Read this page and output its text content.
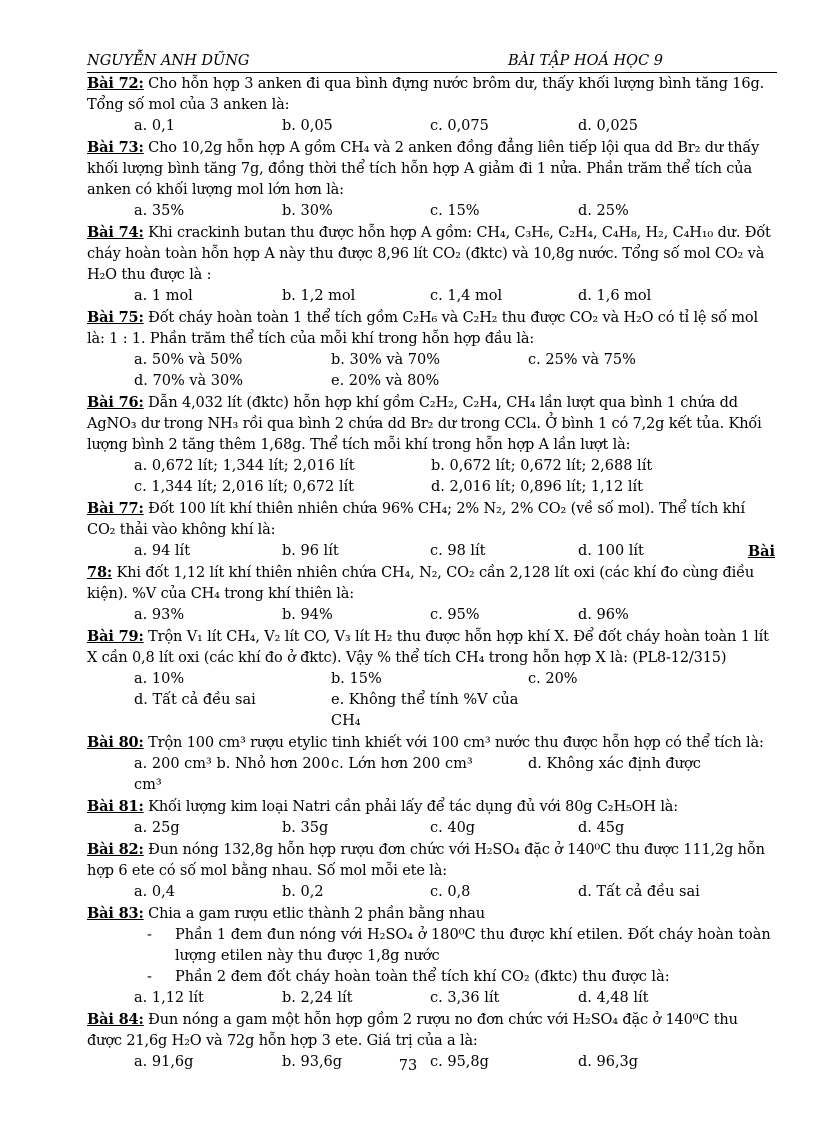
NGUYỄN ANH DŨNG	BÀI TẬP HOÁ HỌC 9
Bài 72: Cho hỗn hợp 3 anken đi qua bình đựng nước brôm dư, thấy khối lượng bình tăng 16g. Tổng số mol của 3 anken là:
a. 0,1	b. 0,05	c. 0,075	d. 0,025
Bài 73: Cho 10,2g hỗn hợp A gồm CH₄ và 2 anken đồng đẳng liên tiếp lội qua dd Br₂ dư thấy khối lượng bình tăng 7g, đồng thời thể tích hỗn hợp A giảm đi 1 nửa. Phần trăm thể tích của anken có khối lượng mol lớn hơn là:
a. 35%	b. 30%	c. 15%	d. 25%
Bài 74: Khi crackinh butan thu được hỗn hợp A gồm: CH₄, C₃H₆, C₂H₄, C₄H₈, H₂, C₄H₁₀ dư. Đốt cháy hoàn toàn hỗn hợp A này thu được 8,96 lít CO₂ (đktc) và 10,8g nước. Tổng số mol CO₂ và H₂O thu được là :
a. 1 mol	b. 1,2 mol	c. 1,4 mol	d. 1,6 mol
Bài 75: Đốt cháy hoàn toàn 1 thể tích gồm C₂H₆ và C₂H₂ thu được CO₂ và H₂O có tỉ lệ số mol là: 1 : 1. Phần trăm thể tích của mỗi khí trong hỗn hợp đầu là:
a. 50% và 50%	b. 30% và 70%	c. 25% và 75%
d. 70% và 30%	e. 20% và 80%
Bài 76: Dẫn 4,032 lít (đktc) hỗn hợp khí gồm C₂H₂, C₂H₄, CH₄ lần lượt qua bình 1 chứa dd AgNO₃ dư trong NH₃ rồi qua bình 2 chứa dd Br₂ dư trong CCl₄. Ở bình 1 có 7,2g kết tủa. Khối lượng bình 2 tăng thêm 1,68g. Thể tích mỗi khí trong hỗn hợp A lần lượt là:
a. 0,672 lít; 1,344 lít; 2,016 lít	b. 0,672 lít; 0,672 lít; 2,688 lít
c. 1,344 lít; 2,016 lít; 0,672 lít	d. 2,016 lít; 0,896 lít; 1,12 lít
Bài 77: Đốt 100 lít khí thiên nhiên chứa 96% CH₄; 2% N₂, 2% CO₂ (về số mol). Thể tích khí CO₂ thải vào không khí là:
a. 94 lít	b. 96 lít	c. 98 lít	d. 100 lít	Bài
78: Khi đốt 1,12 lít khí thiên nhiên chứa CH₄, N₂, CO₂ cần 2,128 lít oxi (các khí đo cùng điều kiện). %V của CH₄ trong khí thiên là:
a. 93%	b. 94%	c. 95%	d. 96%
Bài 79: Trộn V₁ lít CH₄, V₂ lít CO, V₃ lít H₂ thu được hỗn hợp khí X. Để đốt cháy hoàn toàn 1 lít X cần 0,8 lít oxi (các khí đo ở đktc). Vậy % thể tích CH₄ trong hỗn hợp X là: (PL8-12/315)
a. 10%	b. 15%	c. 20%
d. Tất cả đều sai	e. Không thể tính %V của CH₄
Bài 80: Trộn 100 cm³ rượu etylic tinh khiết với 100 cm³ nước thu được hỗn hợp có thể tích là:
a. 200 cm³ b. Nhỏ hơn 200 cm³
c. Lớn hơn 200 cm³	d. Không xác định được
Bài 81: Khối lượng kim loại Natri cần phải lấy để tác dụng đủ với 80g C₂H₅OH là:
a. 25g	b. 35g	c. 40g	d. 45g
Bài 82: Đun nóng 132,8g hỗn hợp rượu đơn chức với H₂SO₄ đặc ở 140⁰C thu được 111,2g hỗn hợp 6 ete có số mol bằng nhau. Số mol mỗi ete là:
a. 0,4	b. 0,2	c. 0,8	d. Tất cả đều sai
Bài 83: Chia a gam rượu etlic thành 2 phần bằng nhau
-	Phần 1 đem đun nóng với H₂SO₄ ở 180⁰C thu được khí etilen. Đốt cháy hoàn toàn lượng etilen này thu được 1,8g nước
-	Phần 2 đem đốt cháy hoàn toàn thể tích khí CO₂ (đktc) thu được là:
a. 1,12 lít	b. 2,24 lít	c. 3,36 lít	d. 4,48 lít
Bài 84: Đun nóng a gam một hỗn hợp gồm 2 rượu no đơn chức với H₂SO₄ đặc ở 140⁰C thu được 21,6g H₂O và 72g hỗn hợp 3 ete. Giá trị của a là:
a. 91,6g	b. 93,6g	c. 95,8g	d. 96,3g
73
